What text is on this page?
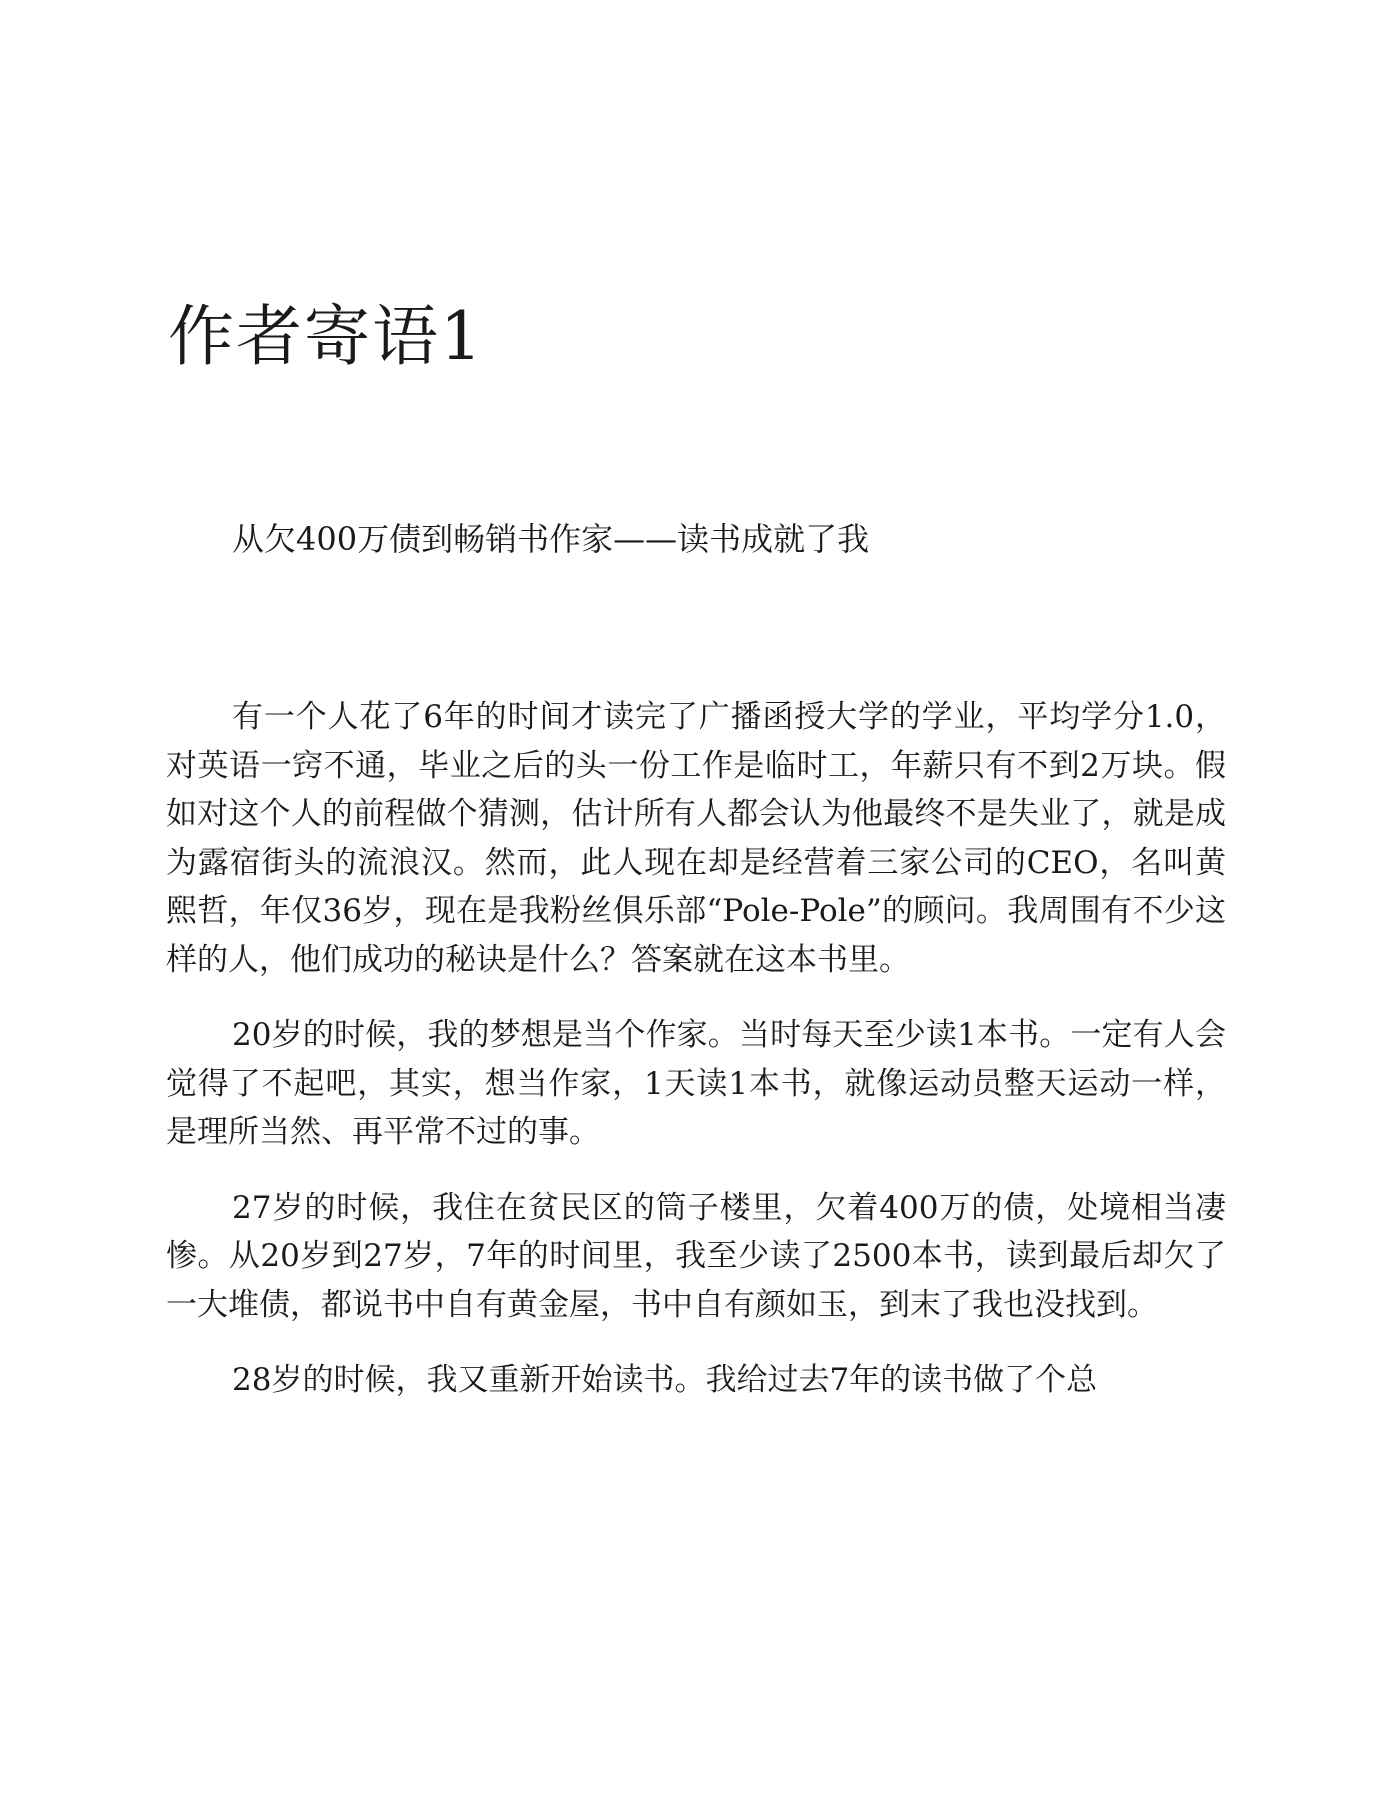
作者寄语1

从欠400万债到畅销书作家——读书成就了我

有一个人花了6年的时间才读完了广播函授大学的学业，平均学分1.0，对英语一窍不通，毕业之后的头一份工作是临时工，年薪只有不到2万块。假如对这个人的前程做个猜测，估计所有人都会认为他最终不是失业了，就是成为露宿街头的流浪汉。然而，此人现在却是经营着三家公司的CEO，名叫黄熙哲，年仅36岁，现在是我粉丝俱乐部“Pole-Pole”的顾问。我周围有不少这样的人，他们成功的秘诀是什么？答案就在这本书里。

20岁的时候，我的梦想是当个作家。当时每天至少读1本书。一定有人会觉得了不起吧，其实，想当作家，1天读1本书，就像运动员整天运动一样，是理所当然、再平常不过的事。

27岁的时候，我住在贫民区的筒子楼里，欠着400万的债，处境相当凄惨。从20岁到27岁，7年的时间里，我至少读了2500本书，读到最后却欠了一大堆债，都说书中自有黄金屋，书中自有颜如玉，到末了我也没找到。

28岁的时候，我又重新开始读书。我给过去7年的读书做了个总
